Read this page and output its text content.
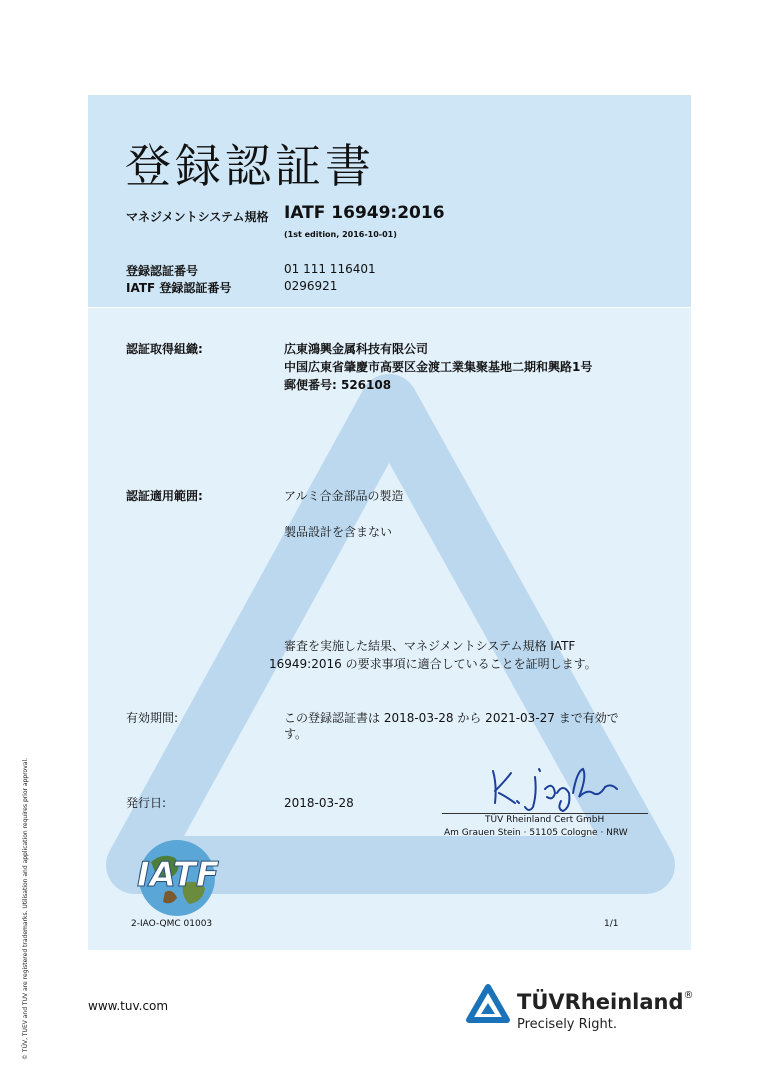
登録認証書
マネジメントシステム規格 IATF 16949:2016
(1st edition, 2016-10-01)
登録認証番号	01 111 116401
IATF 登録認証番号	0296921
認証取得組織:	広東鴻興金属科技有限公司
中国広東省肇慶市高要区金渡工業集聚基地二期和興路1号
郵便番号: 526108
認証適用範囲:	アルミ合金部品の製造
製品設計を含まない
審査を実施した結果、マネジメントシステム規格 IATF
16949:2016 の要求事項に適合していることを証明します。
有効期間:	この登録認証書は 2018-03-28 から 2021-03-27 まで有効で
す。
発行日:	2018-03-28
TÜV Rheinland Cert GmbH
Am Grauen Stein · 51105 Cologne · NRW
IATF
2-IAO-QMC 01003	1/1
© TÜV, TUEV and TUV are registered trademarks. Utilisation and application requires prior approval.	www.tuv.com	TÜVRheinland®
Precisely Right.
